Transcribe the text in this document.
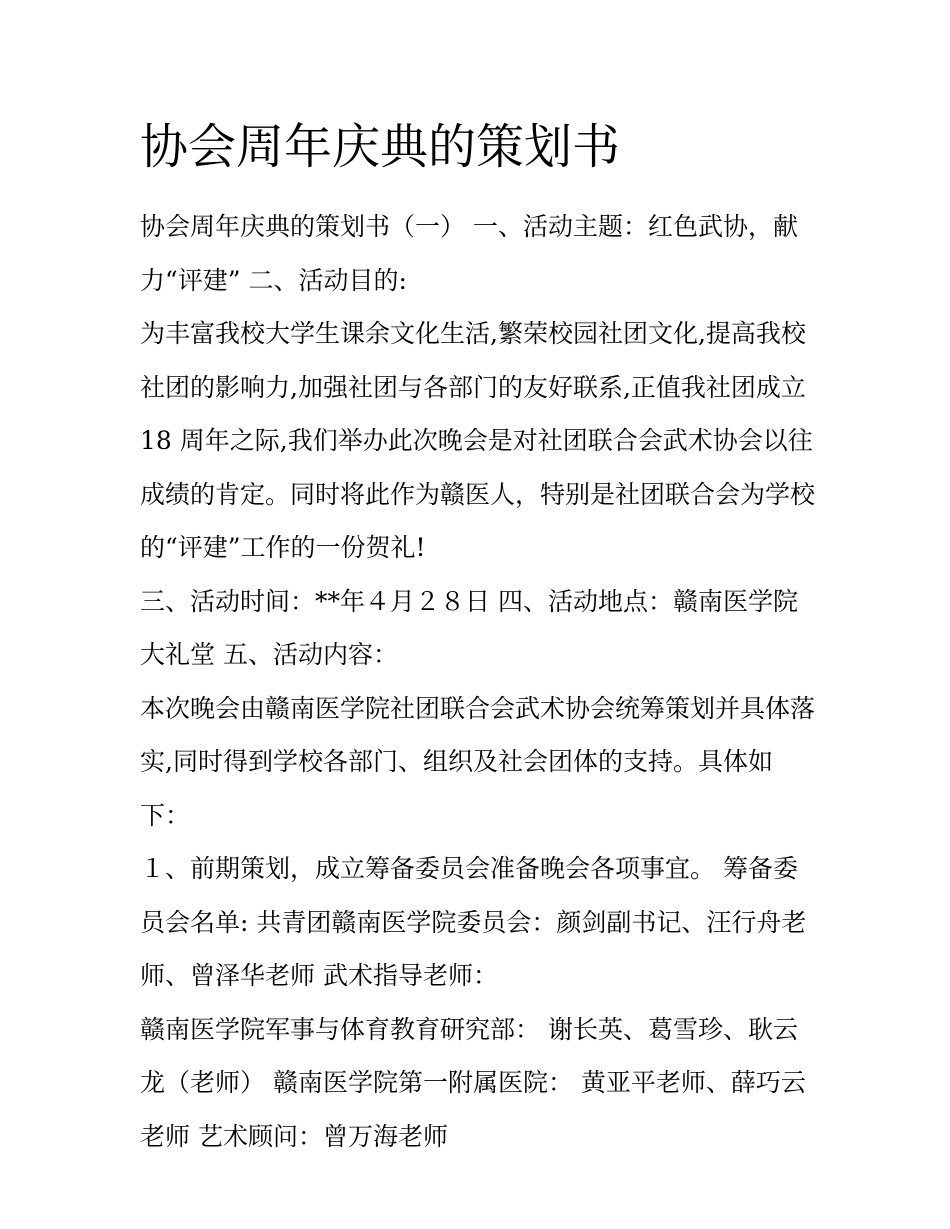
协会周年庆典的策划书
协会周年庆典的策划书（一） 一、活动主题：红色武协，献
力“评建” 二、活动目的:
为丰富我校大学生课余文化生活,繁荣校园社团文化,提高我校
社团的影响力,加强社团与各部门的友好联系,正值我社团成立
18 周年之际,我们举办此次晚会是对社团联合会武术协会以往
成绩的肯定。同时将此作为赣医人，特别是社团联合会为学校
的“评建”工作的一份贺礼!
三、活动时间：**年４月２８日 四、活动地点：赣南医学院
大礼堂 五、活动内容：
本次晚会由赣南医学院社团联合会武术协会统筹策划并具体落
实,同时得到学校各部门、组织及社会团体的支持。具体如
下：
１、前期策划，成立筹备委员会准备晚会各项事宜。 筹备委
员会名单: 共青团赣南医学院委员会：颜剑副书记、汪行舟老
师、曾泽华老师 武术指导老师：
赣南医学院军事与体育教育研究部： 谢长英、葛雪珍、耿云
龙（老师） 赣南医学院第一附属医院： 黄亚平老师、薛巧云
老师 艺术顾问：曾万海老师
